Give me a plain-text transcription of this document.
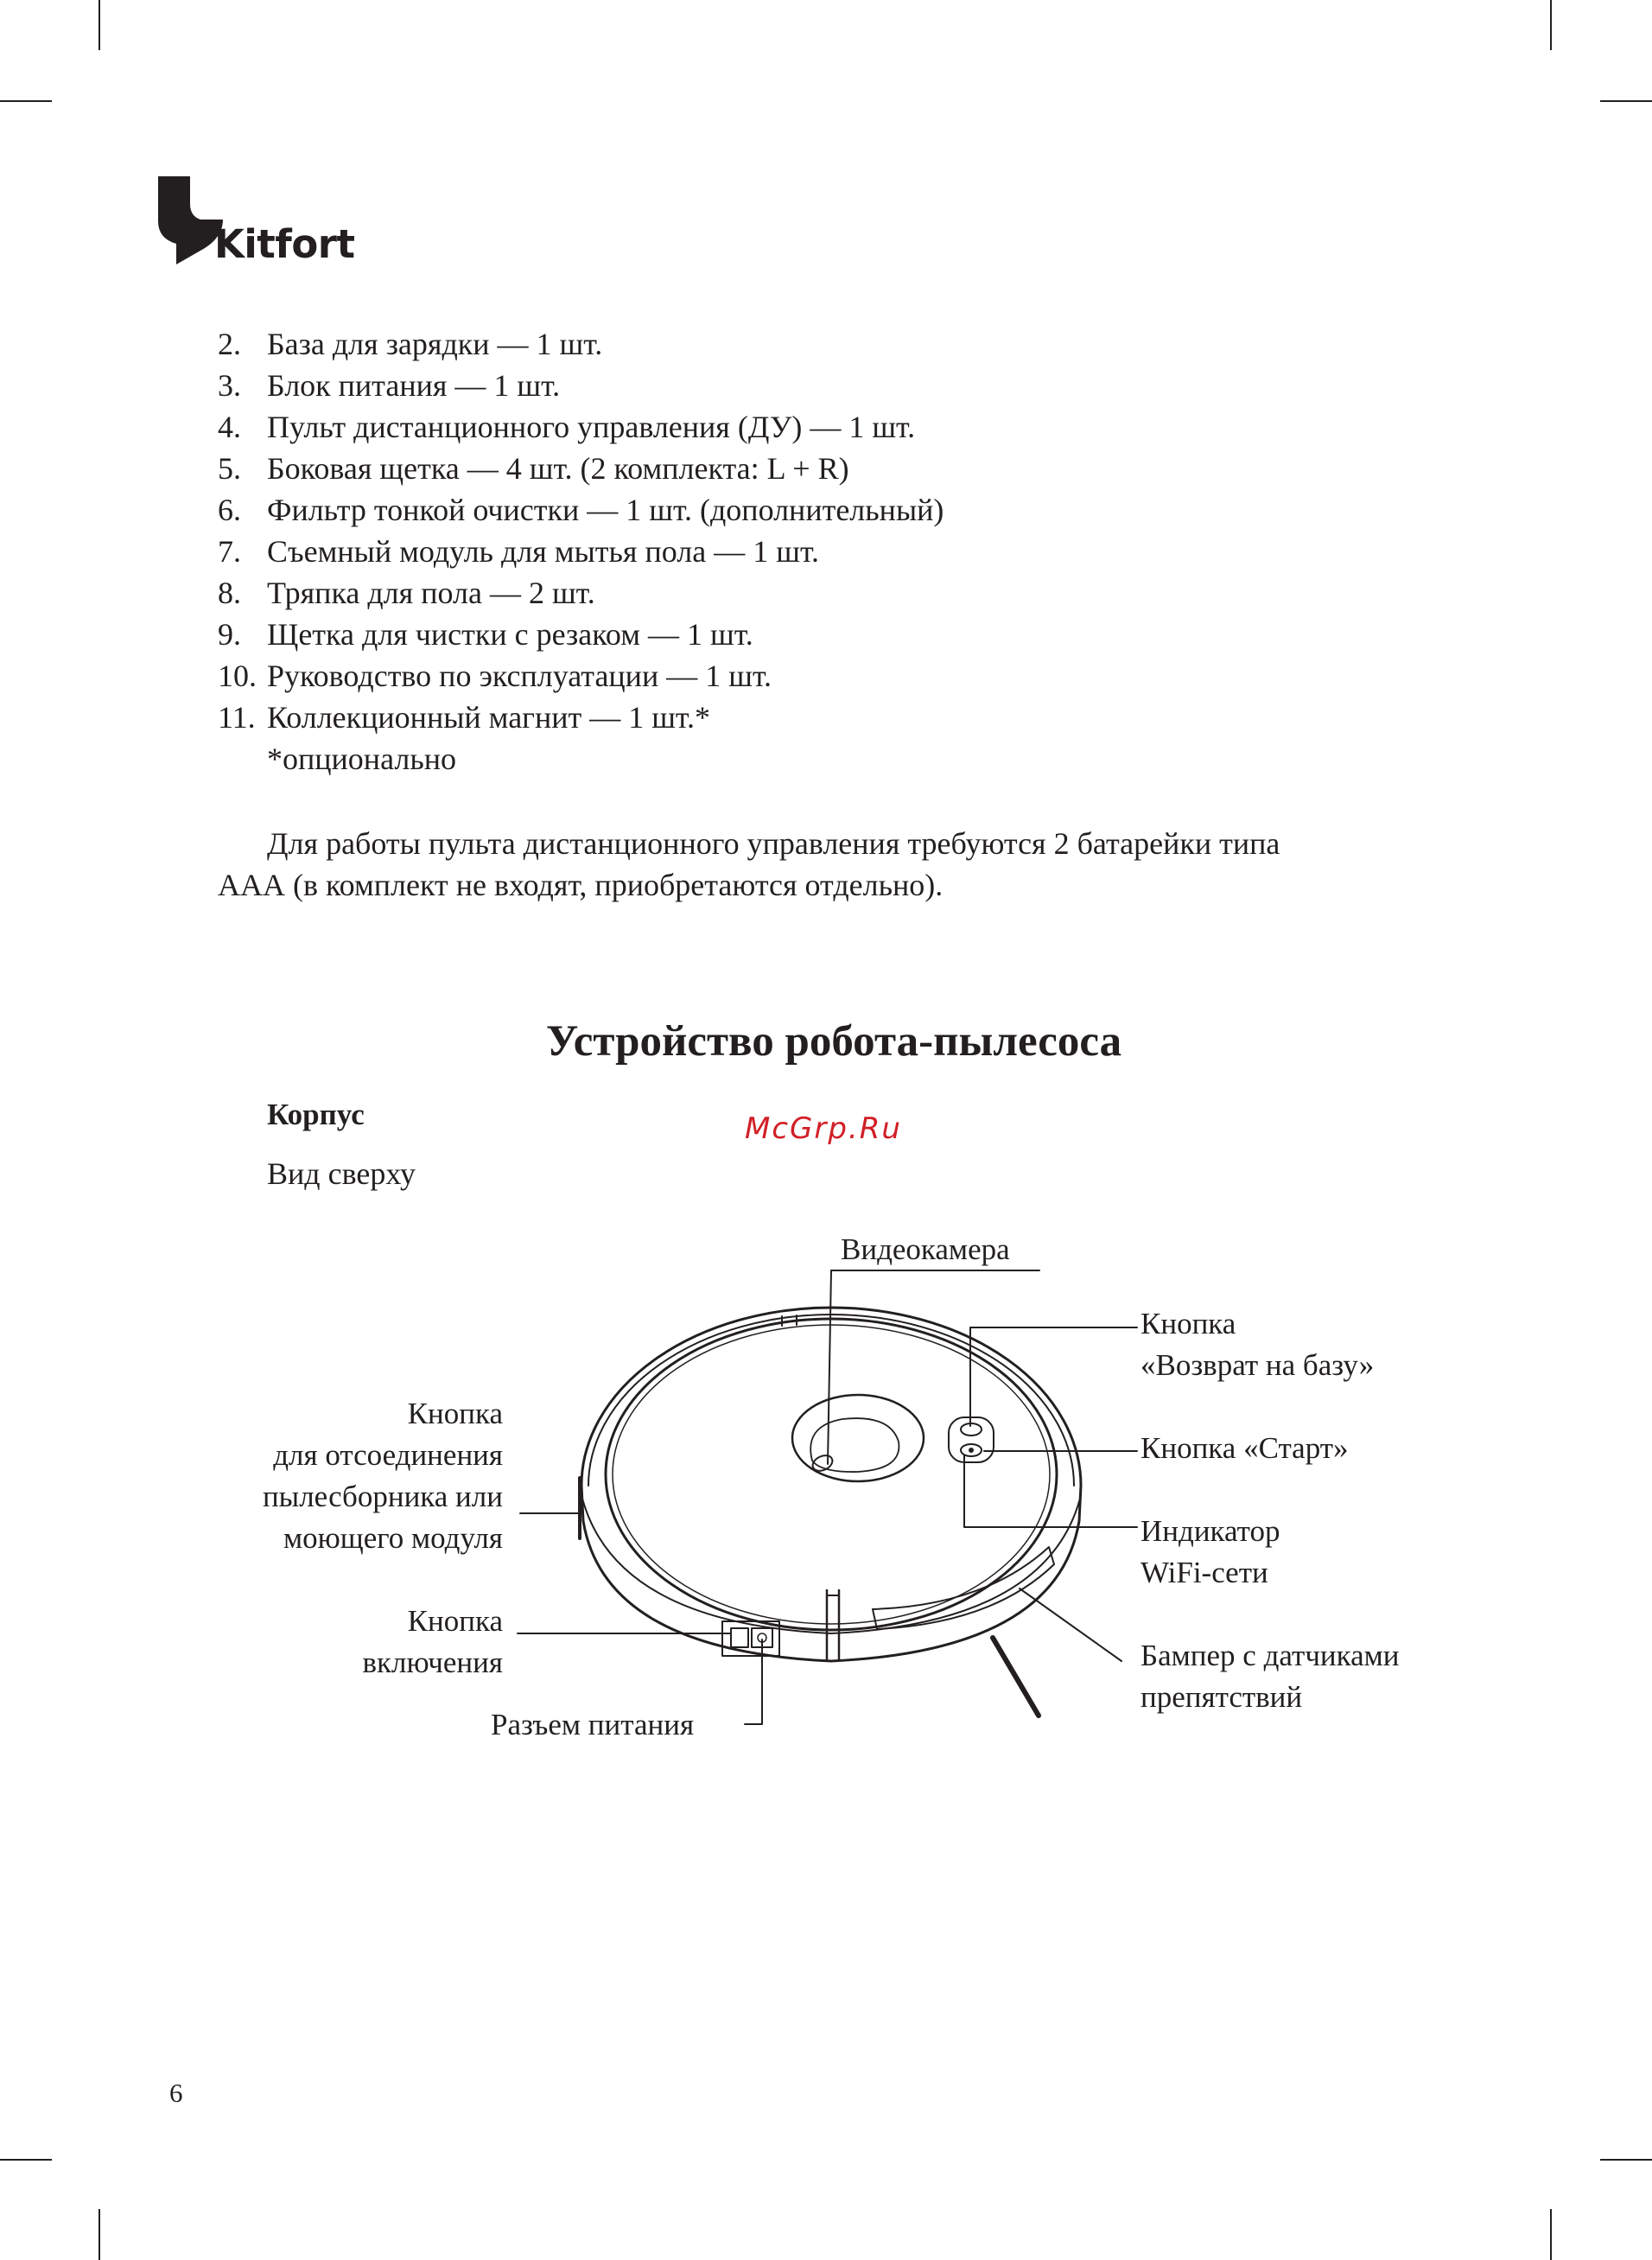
Kitfort
2. База для зарядки — 1 шт.
3. Блок питания — 1 шт.
4. Пульт дистанционного управления (ДУ) — 1 шт.
5. Боковая щетка — 4 шт. (2 комплекта: L + R)
6. Фильтр тонкой очистки — 1 шт. (дополнительный)
7. Съемный модуль для мытья пола — 1 шт.
8. Тряпка для пола — 2 шт.
9. Щетка для чистки с резаком — 1 шт.
10. Руководство по эксплуатации — 1 шт.
11. Коллекционный магнит — 1 шт.*
*опционально
Для работы пульта дистанционного управления требуются 2 батарейки типа
ААА (в комплект не входят, приобретаются отдельно).
Устройство робота-пылесоса
Корпус
Вид сверху
McGrp.Ru
Видеокамера
Кнопка
«Возврат на базу»
Кнопка «Старт»
Индикатор
WiFi-сети
Бампер с датчиками
препятствий
Кнопка
для отсоединения
пылесборника или
моющего модуля
Кнопка
включения
Разъем питания
6
